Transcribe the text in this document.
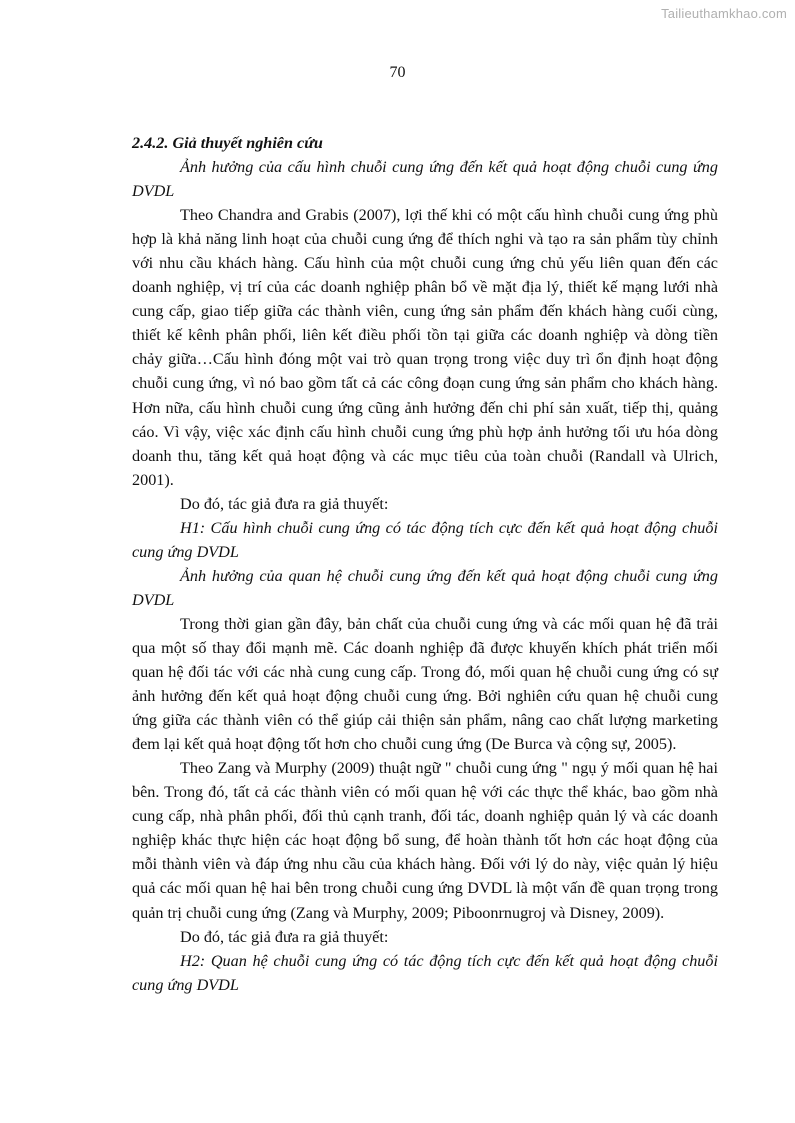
Tailieuthamkhao.com
70

2.4.2. Giả thuyết nghiên cứu

Ảnh hưởng của cấu hình chuỗi cung ứng đến kết quả hoạt động chuỗi cung ứng DVDL

Theo Chandra and Grabis (2007), lợi thế khi có một cấu hình chuỗi cung ứng phù hợp là khả năng linh hoạt của chuỗi cung ứng để thích nghi và tạo ra sản phẩm tùy chỉnh với nhu cầu khách hàng. Cấu hình của một chuỗi cung ứng chủ yếu liên quan đến các doanh nghiệp, vị trí của các doanh nghiệp phân bổ về mặt địa lý, thiết kế mạng lưới nhà cung cấp, giao tiếp giữa các thành viên, cung ứng sản phẩm đến khách hàng cuối cùng, thiết kế kênh phân phối, liên kết điều phối tồn tại giữa các doanh nghiệp và dòng tiền chảy giữa…Cấu hình đóng một vai trò quan trọng trong việc duy trì ổn định hoạt động chuỗi cung ứng, vì nó bao gồm tất cả các công đoạn cung ứng sản phẩm cho khách hàng. Hơn nữa, cấu hình chuỗi cung ứng cũng ảnh hưởng đến chi phí sản xuất, tiếp thị, quảng cáo. Vì vậy, việc xác định cấu hình chuỗi cung ứng phù hợp ảnh hưởng tối ưu hóa dòng doanh thu, tăng kết quả hoạt động và các mục tiêu của toàn chuỗi (Randall và Ulrich, 2001).

Do đó, tác giả đưa ra giả thuyết:

H1: Cấu hình chuỗi cung ứng có tác động tích cực đến kết quả hoạt động chuỗi cung ứng DVDL

Ảnh hưởng của quan hệ chuỗi cung ứng đến kết quả hoạt động chuỗi cung ứng DVDL

Trong thời gian gần đây, bản chất của chuỗi cung ứng và các mối quan hệ đã trải qua một số thay đổi mạnh mẽ. Các doanh nghiệp đã được khuyến khích phát triển mối quan hệ đối tác với các nhà cung cung cấp. Trong đó, mối quan hệ chuỗi cung ứng có sự ảnh hưởng đến kết quả hoạt động chuỗi cung ứng. Bởi nghiên cứu quan hệ chuỗi cung ứng giữa các thành viên có thể giúp cải thiện sản phẩm, nâng cao chất lượng marketing đem lại kết quả hoạt động tốt hơn cho chuỗi cung ứng (De Burca và cộng sự, 2005).

Theo Zang và Murphy (2009) thuật ngữ " chuỗi cung ứng " ngụ ý mối quan hệ hai bên. Trong đó, tất cả các thành viên có mối quan hệ với các thực thể khác, bao gồm nhà cung cấp, nhà phân phối, đối thủ cạnh tranh, đối tác, doanh nghiệp quản lý và các doanh nghiệp khác thực hiện các hoạt động bổ sung, để hoàn thành tốt hơn các hoạt động của mỗi thành viên và đáp ứng nhu cầu của khách hàng. Đối với lý do này, việc quản lý hiệu quả các mối quan hệ hai bên trong chuỗi cung ứng DVDL là một vấn đề quan trọng trong quản trị chuỗi cung ứng (Zang và Murphy, 2009; Piboonrnugroj và Disney, 2009).

Do đó, tác giả đưa ra giả thuyết:

H2: Quan hệ chuỗi cung ứng có tác động tích cực đến kết quả hoạt động chuỗi cung ứng DVDL
